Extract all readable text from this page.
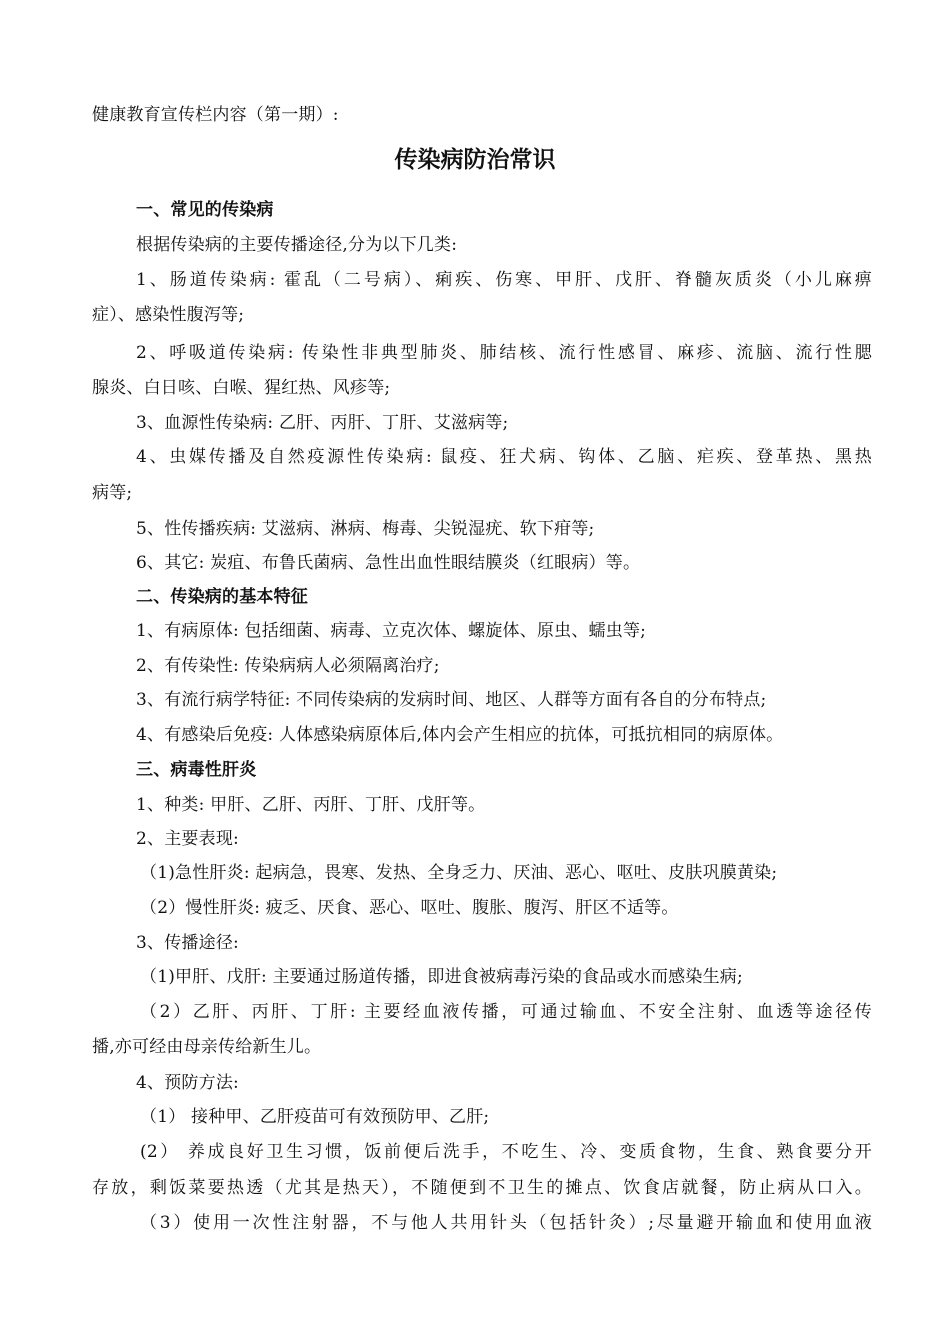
健康教育宣传栏内容（第一期）:
传染病防治常识
一、常见的传染病
根据传染病的主要传播途径,分为以下几类:
1、肠道传染病: 霍乱（二号病）、痢疾、伤寒、甲肝、戊肝、脊髓灰质炎（小儿麻痹
症）、感染性腹泻等;
2、呼吸道传染病: 传染性非典型肺炎、肺结核、流行性感冒、麻疹、流脑、流行性腮
腺炎、白日咳、白喉、猩红热、风疹等;
3、血源性传染病: 乙肝、丙肝、丁肝、艾滋病等;
4、虫媒传播及自然疫源性传染病: 鼠疫、狂犬病、钩体、乙脑、疟疾、登革热、黑热
病等;
5、性传播疾病: 艾滋病、淋病、梅毒、尖锐湿疣、软下疳等;
6、其它: 炭疽、布鲁氏菌病、急性出血性眼结膜炎（红眼病）等。
二、传染病的基本特征
1、有病原体: 包括细菌、病毒、立克次体、螺旋体、原虫、蠕虫等;
2、有传染性: 传染病病人必须隔离治疗;
3、有流行病学特征: 不同传染病的发病时间、地区、人群等方面有各自的分布特点;
4、有感染后免疫: 人体感染病原体后,体内会产生相应的抗体，可抵抗相同的病原体。
三、病毒性肝炎
1、种类: 甲肝、乙肝、丙肝、丁肝、戊肝等。
2、主要表现:
（1)急性肝炎: 起病急，畏寒、发热、全身乏力、厌油、恶心、呕吐、皮肤巩膜黄染;
（2）慢性肝炎: 疲乏、厌食、恶心、呕吐、腹胀、腹泻、肝区不适等。
3、传播途径:
（1)甲肝、戊肝: 主要通过肠道传播，即进食被病毒污染的食品或水而感染生病;
（2）乙肝、丙肝、丁肝: 主要经血液传播，可通过输血、不安全注射、血透等途径传
播,亦可经由母亲传给新生儿。
4、预防方法:
（1） 接种甲、乙肝疫苗可有效预防甲、乙肝;
(2） 养成良好卫生习惯，饭前便后洗手，不吃生、冷、变质食物，生食、熟食要分开
存放，剩饭菜要热透（尤其是热天），不随便到不卫生的摊点、饮食店就餐，防止病从口入。
（3）使用一次性注射器，不与他人共用针头（包括针灸）;尽量避开输血和使用血液
